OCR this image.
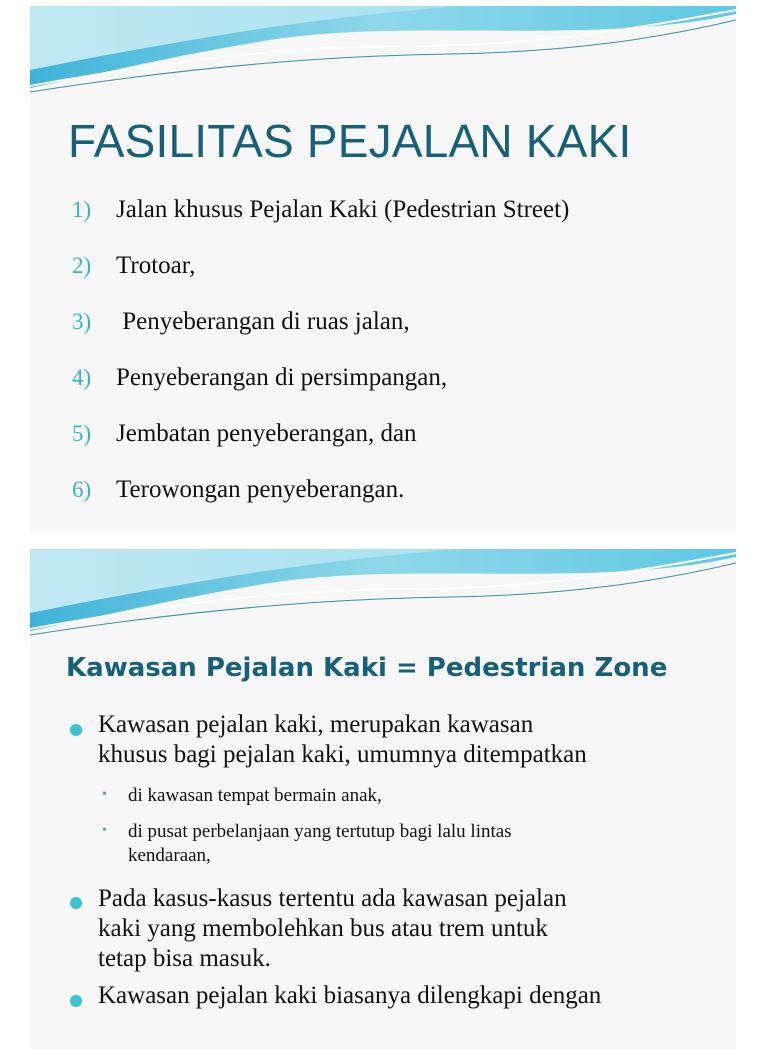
FASILITAS PEJALAN KAKI
1) Jalan khusus Pejalan Kaki (Pedestrian Street)
2) Trotoar,
3) Penyeberangan di ruas jalan,
4) Penyeberangan di persimpangan,
5) Jembatan penyeberangan, dan
6) Terowongan penyeberangan.
Kawasan Pejalan Kaki = Pedestrian Zone
Kawasan pejalan kaki, merupakan kawasan
khusus bagi pejalan kaki, umumnya ditempatkan
• di kawasan tempat bermain anak,
• di pusat perbelanjaan yang tertutup bagi lalu lintas
kendaraan,
Pada kasus-kasus tertentu ada kawasan pejalan
kaki yang membolehkan bus atau trem untuk
tetap bisa masuk.
Kawasan pejalan kaki biasanya dilengkapi dengan
